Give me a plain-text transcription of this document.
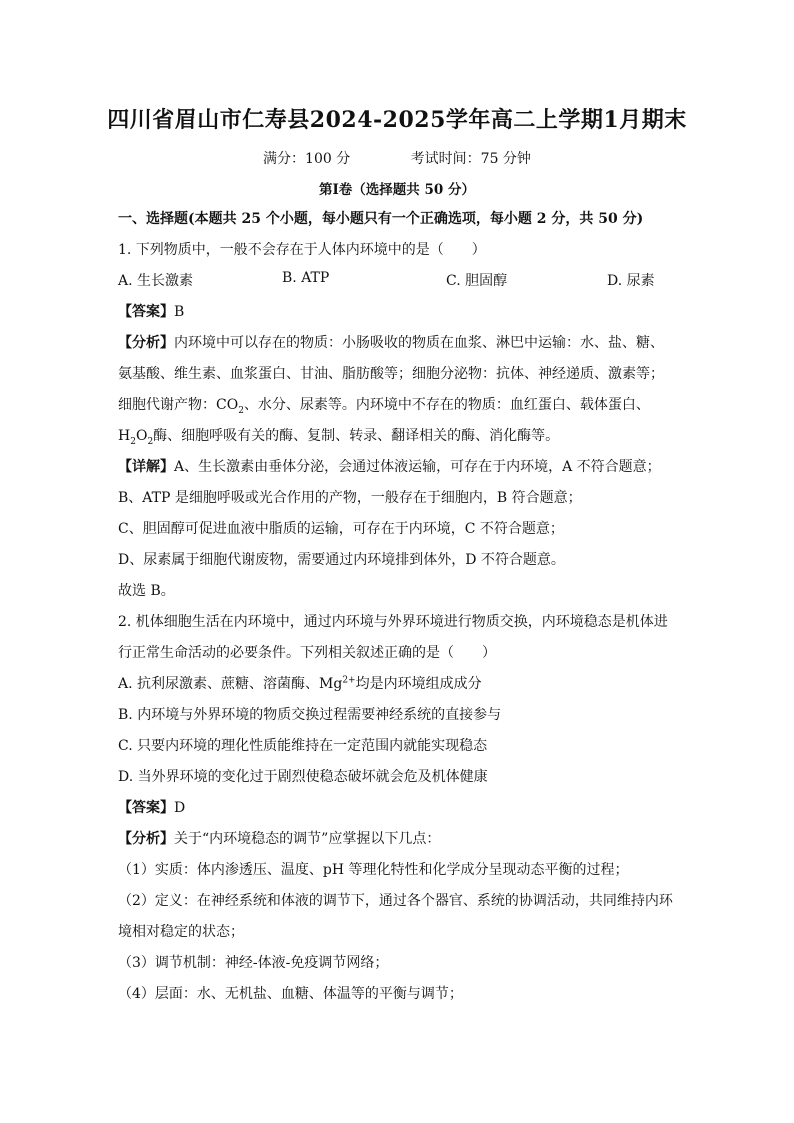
四川省眉山市仁寿县2024-2025学年高二上学期1月期末
满分：100 分	考试时间：75 分钟
第Ⅰ卷（选择题共 50 分）
一、选择题(本题共 25 个小题，每小题只有一个正确选项，每小题 2 分，共 50 分)
1. 下列物质中，一般不会存在于人体内环境中的是（　　）
A. 生长激素	B. ATP	C. 胆固醇	D. 尿素
【答案】B
【分析】内环境中可以存在的物质：小肠吸收的物质在血浆、淋巴中运输：水、盐、糖、
氨基酸、维生素、血浆蛋白、甘油、脂肪酸等；细胞分泌物：抗体、神经递质、激素等；
细胞代谢产物：$CO_2$、水分、尿素等。内环境中不存在的物质：血红蛋白、载体蛋白、
$H_2O_2$酶、细胞呼吸有关的酶、复制、转录、翻译相关的酶、消化酶等。
【详解】A、生长激素由垂体分泌，会通过体液运输，可存在于内环境，A 不符合题意；
B、ATP 是细胞呼吸或光合作用的产物，一般存在于细胞内，B 符合题意；
C、胆固醇可促进血液中脂质的运输，可存在于内环境，C 不符合题意；
D、尿素属于细胞代谢废物，需要通过内环境排到体外，D 不符合题意。
故选 B。
2. 机体细胞生活在内环境中，通过内环境与外界环境进行物质交换，内环境稳态是机体进
行正常生命活动的必要条件。下列相关叙述正确的是（　　）
A. 抗利尿激素、蔗糖、溶菌酶、$Mg^{2+}$均是内环境组成成分
B. 内环境与外界环境的物质交换过程需要神经系统的直接参与
C. 只要内环境的理化性质能维持在一定范围内就能实现稳态
D. 当外界环境的变化过于剧烈使稳态破坏就会危及机体健康
【答案】D
【分析】关于“内环境稳态的调节”应掌握以下几点：
（1）实质：体内渗透压、温度、pH 等理化特性和化学成分呈现动态平衡的过程；
（2）定义：在神经系统和体液的调节下，通过各个器官、系统的协调活动，共同维持内环
境相对稳定的状态；
（3）调节机制：神经-体液-免疫调节网络；
（4）层面：水、无机盐、血糖、体温等的平衡与调节；
